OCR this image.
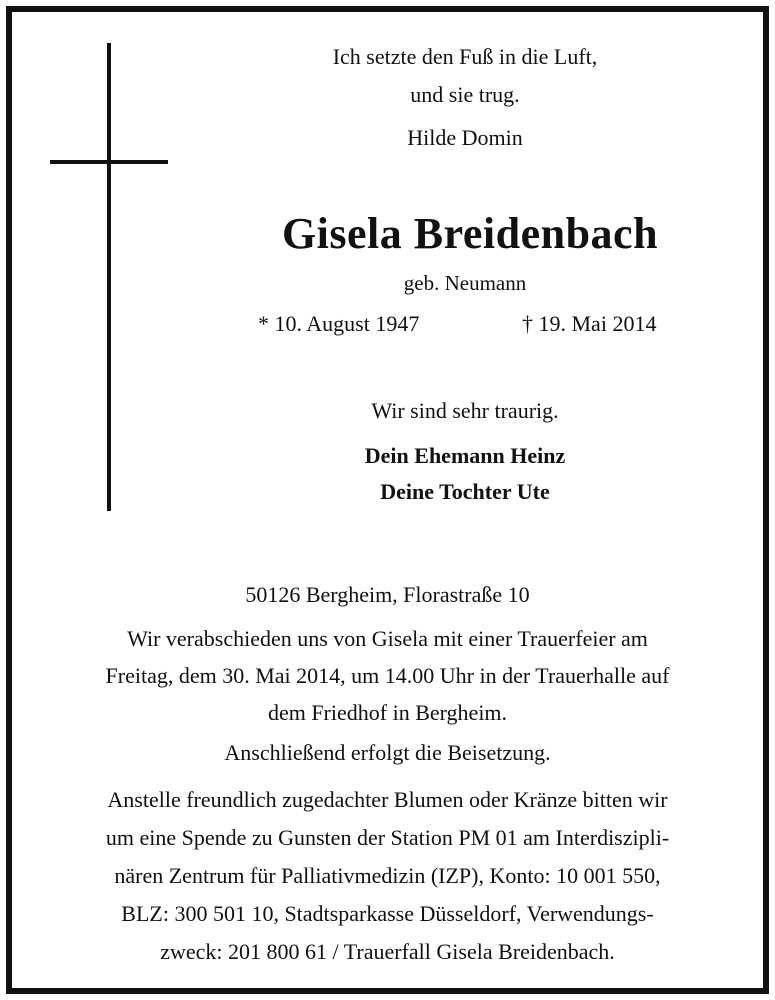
Ich setzte den Fuß in die Luft,
und sie trug.
Hilde Domin
Gisela Breidenbach
geb. Neumann
* 10. August 1947	† 19. Mai 2014
Wir sind sehr traurig.
Dein Ehemann Heinz
Deine Tochter Ute
50126 Bergheim, Florastraße 10
Wir verabschieden uns von Gisela mit einer Trauerfeier am
Freitag, dem 30. Mai 2014, um 14.00 Uhr in der Trauerhalle auf
dem Friedhof in Bergheim.
Anschließend erfolgt die Beisetzung.
Anstelle freundlich zugedachter Blumen oder Kränze bitten wir
um eine Spende zu Gunsten der Station PM 01 am Interdiszipli-
nären Zentrum für Palliativmedizin (IZP), Konto: 10 001 550,
BLZ: 300 501 10, Stadtsparkasse Düsseldorf, Verwendungs-
zweck: 201 800 61 / Trauerfall Gisela Breidenbach.
